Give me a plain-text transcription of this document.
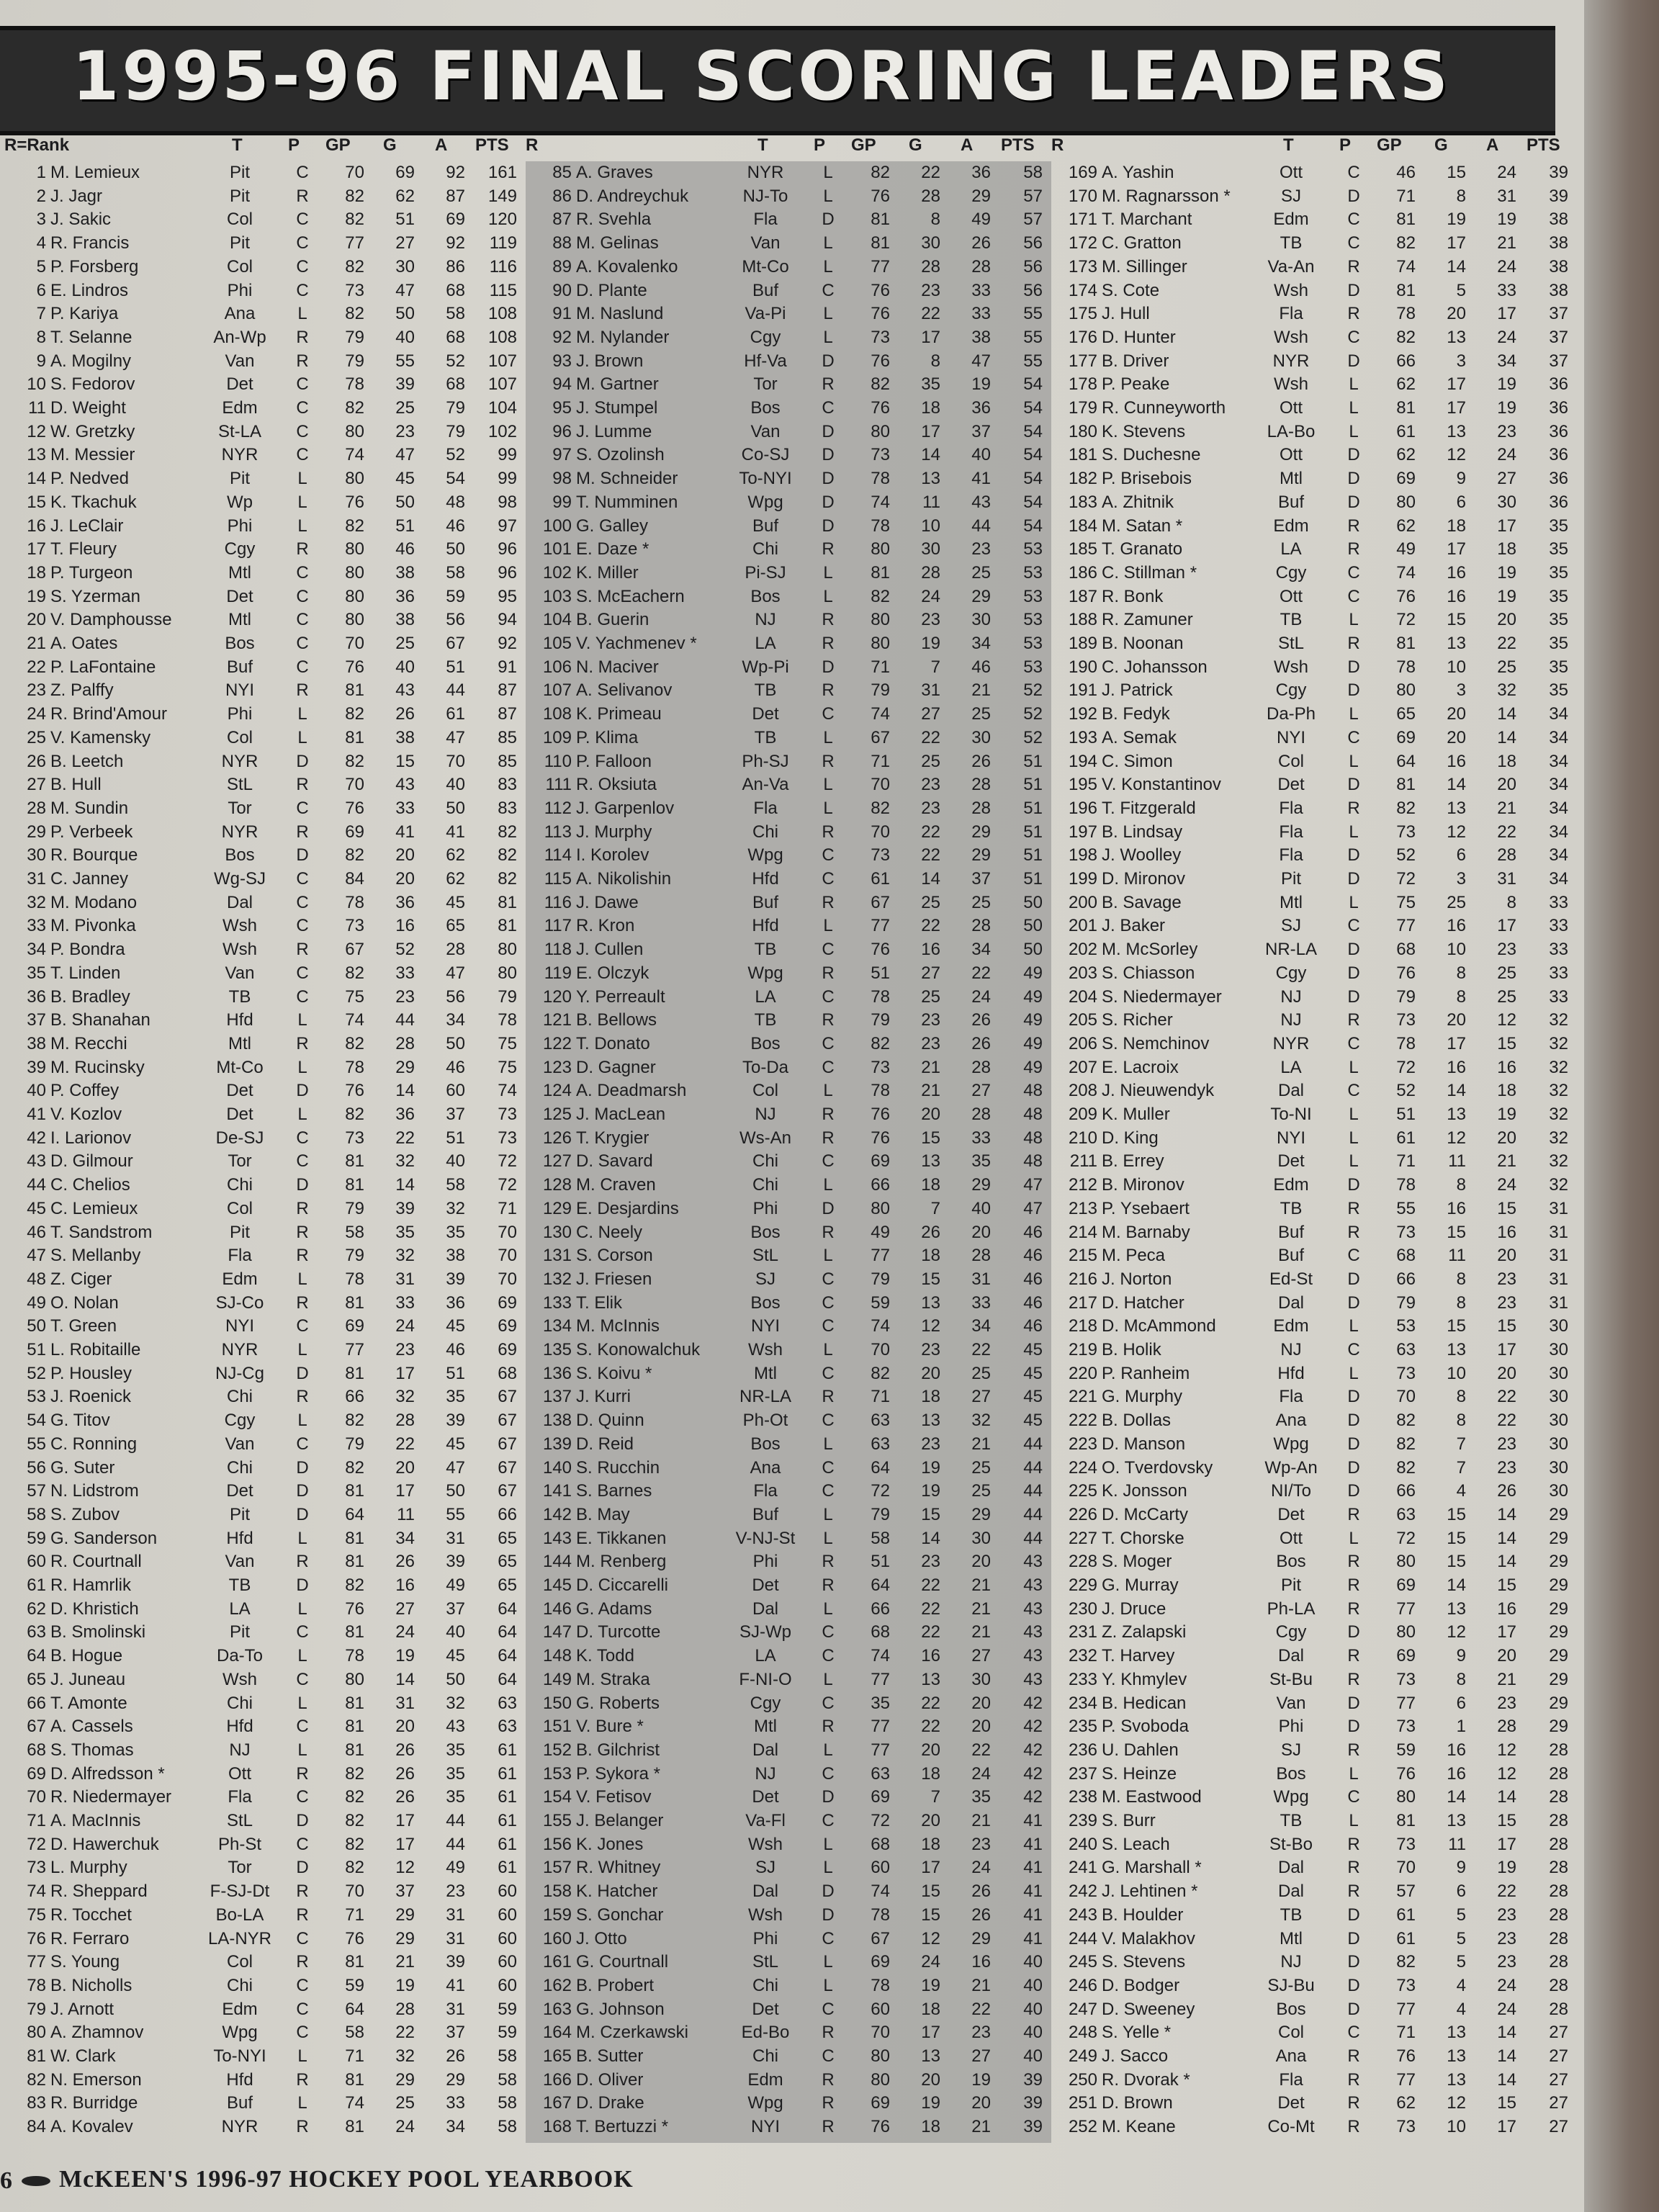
1995-96 FINAL SCORING LEADERS
R=Rank	T	P GP G A PTS R	T	P GP G A PTS R	T	P GP G A PTS
1 M. Lemieux	Pit	C	70	69	92	161
2 J. Jagr	Pit	R	82	62	87	149
3 J. Sakic	Col	C	82	51	69	120
4 R. Francis	Pit	C	77	27	92	119
5 P. Forsberg	Col	C	82	30	86	116
6 E. Lindros	Phi	C	73	47	68	115
7 P. Kariya	Ana	L	82	50	58	108
8 T. Selanne	An-Wp	R	79	40	68	108
9 A. Mogilny	Van	R	79	55	52	107
10 S. Fedorov	Det	C	78	39	68	107
11 D. Weight	Edm	C	82	25	79	104
12 W. Gretzky	St-LA	C	80	23	79	102
13 M. Messier	NYR	C	74	47	52	99
14 P. Nedved	Pit	L	80	45	54	99
15 K. Tkachuk	Wp	L	76	50	48	98
16 J. LeClair	Phi	L	82	51	46	97
17 T. Fleury	Cgy	R	80	46	50	96
18 P. Turgeon	Mtl	C	80	38	58	96
19 S. Yzerman	Det	C	80	36	59	95
20 V. Damphousse	Mtl	C	80	38	56	94
21 A. Oates	Bos	C	70	25	67	92
22 P. LaFontaine	Buf	C	76	40	51	91
23 Z. Palffy	NYI	R	81	43	44	87
24 R. Brind'Amour	Phi	L	82	26	61	87
25 V. Kamensky	Col	L	81	38	47	85
26 B. Leetch	NYR	D	82	15	70	85
27 B. Hull	StL	R	70	43	40	83
28 M. Sundin	Tor	C	76	33	50	83
29 P. Verbeek	NYR	R	69	41	41	82
30 R. Bourque	Bos	D	82	20	62	82
31 C. Janney	Wg-SJ	C	84	20	62	82
32 M. Modano	Dal	C	78	36	45	81
33 M. Pivonka	Wsh	C	73	16	65	81
34 P. Bondra	Wsh	R	67	52	28	80
35 T. Linden	Van	C	82	33	47	80
36 B. Bradley	TB	C	75	23	56	79
37 B. Shanahan	Hfd	L	74	44	34	78
38 M. Recchi	Mtl	R	82	28	50	75
39 M. Rucinsky	Mt-Co	L	78	29	46	75
40 P. Coffey	Det	D	76	14	60	74
41 V. Kozlov	Det	L	82	36	37	73
42 I. Larionov	De-SJ	C	73	22	51	73
43 D. Gilmour	Tor	C	81	32	40	72
44 C. Chelios	Chi	D	81	14	58	72
45 C. Lemieux	Col	R	79	39	32	71
46 T. Sandstrom	Pit	R	58	35	35	70
47 S. Mellanby	Fla	R	79	32	38	70
48 Z. Ciger	Edm	L	78	31	39	70
49 O. Nolan	SJ-Co	R	81	33	36	69
50 T. Green	NYI	C	69	24	45	69
51 L. Robitaille	NYR	L	77	23	46	69
52 P. Housley	NJ-Cg	D	81	17	51	68
53 J. Roenick	Chi	R	66	32	35	67
54 G. Titov	Cgy	L	82	28	39	67
55 C. Ronning	Van	C	79	22	45	67
56 G. Suter	Chi	D	82	20	47	67
57 N. Lidstrom	Det	D	81	17	50	67
58 S. Zubov	Pit	D	64	11	55	66
59 G. Sanderson	Hfd	L	81	34	31	65
60 R. Courtnall	Van	R	81	26	39	65
61 R. Hamrlik	TB	D	82	16	49	65
62 D. Khristich	LA	L	76	27	37	64
63 B. Smolinski	Pit	C	81	24	40	64
64 B. Hogue	Da-To	L	78	19	45	64
65 J. Juneau	Wsh	C	80	14	50	64
66 T. Amonte	Chi	L	81	31	32	63
67 A. Cassels	Hfd	C	81	20	43	63
68 S. Thomas	NJ	L	81	26	35	61
69 D. Alfredsson *	Ott	R	82	26	35	61
70 R. Niedermayer	Fla	C	82	26	35	61
71 A. MacInnis	StL	D	82	17	44	61
72 D. Hawerchuk	Ph-St	C	82	17	44	61
73 L. Murphy	Tor	D	82	12	49	61
74 R. Sheppard	F-SJ-Dt	R	70	37	23	60
75 R. Tocchet	Bo-LA	R	71	29	31	60
76 R. Ferraro	LA-NYR	C	76	29	31	60
77 S. Young	Col	R	81	21	39	60
78 B. Nicholls	Chi	C	59	19	41	60
79 J. Arnott	Edm	C	64	28	31	59
80 A. Zhamnov	Wpg	C	58	22	37	59
81 W. Clark	To-NYI	L	71	32	26	58
82 N. Emerson	Hfd	R	81	29	29	58
83 R. Burridge	Buf	L	74	25	33	58
84 A. Kovalev	NYR	R	81	24	34	58
85 A. Graves	NYR	L	82	22	36	58
86 D. Andreychuk	NJ-To	L	76	28	29	57
87 R. Svehla	Fla	D	81	8	49	57
88 M. Gelinas	Van	L	81	30	26	56
89 A. Kovalenko	Mt-Co	L	77	28	28	56
90 D. Plante	Buf	C	76	23	33	56
91 M. Naslund	Va-Pi	L	76	22	33	55
92 M. Nylander	Cgy	L	73	17	38	55
93 J. Brown	Hf-Va	D	76	8	47	55
94 M. Gartner	Tor	R	82	35	19	54
95 J. Stumpel	Bos	C	76	18	36	54
96 J. Lumme	Van	D	80	17	37	54
97 S. Ozolinsh	Co-SJ	D	73	14	40	54
98 M. Schneider	To-NYI	D	78	13	41	54
99 T. Numminen	Wpg	D	74	11	43	54
100 G. Galley	Buf	D	78	10	44	54
101 E. Daze *	Chi	R	80	30	23	53
102 K. Miller	Pi-SJ	L	81	28	25	53
103 S. McEachern	Bos	L	82	24	29	53
104 B. Guerin	NJ	R	80	23	30	53
105 V. Yachmenev *	LA	R	80	19	34	53
106 N. Maciver	Wp-Pi	D	71	7	46	53
107 A. Selivanov	TB	R	79	31	21	52
108 K. Primeau	Det	C	74	27	25	52
109 P. Klima	TB	L	67	22	30	52
110 P. Falloon	Ph-SJ	R	71	25	26	51
111 R. Oksiuta	An-Va	L	70	23	28	51
112 J. Garpenlov	Fla	L	82	23	28	51
113 J. Murphy	Chi	R	70	22	29	51
114 I. Korolev	Wpg	C	73	22	29	51
115 A. Nikolishin	Hfd	C	61	14	37	51
116 J. Dawe	Buf	R	67	25	25	50
117 R. Kron	Hfd	L	77	22	28	50
118 J. Cullen	TB	C	76	16	34	50
119 E. Olczyk	Wpg	R	51	27	22	49
120 Y. Perreault	LA	C	78	25	24	49
121 B. Bellows	TB	R	79	23	26	49
122 T. Donato	Bos	C	82	23	26	49
123 D. Gagner	To-Da	C	73	21	28	49
124 A. Deadmarsh	Col	L	78	21	27	48
125 J. MacLean	NJ	R	76	20	28	48
126 T. Krygier	Ws-An	R	76	15	33	48
127 D. Savard	Chi	C	69	13	35	48
128 M. Craven	Chi	L	66	18	29	47
129 E. Desjardins	Phi	D	80	7	40	47
130 C. Neely	Bos	R	49	26	20	46
131 S. Corson	StL	L	77	18	28	46
132 J. Friesen	SJ	C	79	15	31	46
133 T. Elik	Bos	C	59	13	33	46
134 M. McInnis	NYI	C	74	12	34	46
135 S. Konowalchuk	Wsh	L	70	23	22	45
136 S. Koivu *	Mtl	C	82	20	25	45
137 J. Kurri	NR-LA	R	71	18	27	45
138 D. Quinn	Ph-Ot	C	63	13	32	45
139 D. Reid	Bos	L	63	23	21	44
140 S. Rucchin	Ana	C	64	19	25	44
141 S. Barnes	Fla	C	72	19	25	44
142 B. May	Buf	L	79	15	29	44
143 E. Tikkanen	V-NJ-St	L	58	14	30	44
144 M. Renberg	Phi	R	51	23	20	43
145 D. Ciccarelli	Det	R	64	22	21	43
146 G. Adams	Dal	L	66	22	21	43
147 D. Turcotte	SJ-Wp	C	68	22	21	43
148 K. Todd	LA	C	74	16	27	43
149 M. Straka	F-NI-O	L	77	13	30	43
150 G. Roberts	Cgy	C	35	22	20	42
151 V. Bure *	Mtl	R	77	22	20	42
152 B. Gilchrist	Dal	L	77	20	22	42
153 P. Sykora *	NJ	C	63	18	24	42
154 V. Fetisov	Det	D	69	7	35	42
155 J. Belanger	Va-Fl	C	72	20	21	41
156 K. Jones	Wsh	L	68	18	23	41
157 R. Whitney	SJ	L	60	17	24	41
158 K. Hatcher	Dal	D	74	15	26	41
159 S. Gonchar	Wsh	D	78	15	26	41
160 J. Otto	Phi	C	67	12	29	41
161 G. Courtnall	StL	L	69	24	16	40
162 B. Probert	Chi	L	78	19	21	40
163 G. Johnson	Det	C	60	18	22	40
164 M. Czerkawski	Ed-Bo	R	70	17	23	40
165 B. Sutter	Chi	C	80	13	27	40
166 D. Oliver	Edm	R	80	20	19	39
167 D. Drake	Wpg	R	69	19	20	39
168 T. Bertuzzi *	NYI	R	76	18	21	39
169 A. Yashin	Ott	C	46	15	24	39
170 M. Ragnarsson *	SJ	D	71	8	31	39
171 T. Marchant	Edm	C	81	19	19	38
172 C. Gratton	TB	C	82	17	21	38
173 M. Sillinger	Va-An	R	74	14	24	38
174 S. Cote	Wsh	D	81	5	33	38
175 J. Hull	Fla	R	78	20	17	37
176 D. Hunter	Wsh	C	82	13	24	37
177 B. Driver	NYR	D	66	3	34	37
178 P. Peake	Wsh	L	62	17	19	36
179 R. Cunneyworth	Ott	L	81	17	19	36
180 K. Stevens	LA-Bo	L	61	13	23	36
181 S. Duchesne	Ott	D	62	12	24	36
182 P. Brisebois	Mtl	D	69	9	27	36
183 A. Zhitnik	Buf	D	80	6	30	36
184 M. Satan *	Edm	R	62	18	17	35
185 T. Granato	LA	R	49	17	18	35
186 C. Stillman *	Cgy	C	74	16	19	35
187 R. Bonk	Ott	C	76	16	19	35
188 R. Zamuner	TB	L	72	15	20	35
189 B. Noonan	StL	R	81	13	22	35
190 C. Johansson	Wsh	D	78	10	25	35
191 J. Patrick	Cgy	D	80	3	32	35
192 B. Fedyk	Da-Ph	L	65	20	14	34
193 A. Semak	NYI	C	69	20	14	34
194 C. Simon	Col	L	64	16	18	34
195 V. Konstantinov	Det	D	81	14	20	34
196 T. Fitzgerald	Fla	R	82	13	21	34
197 B. Lindsay	Fla	L	73	12	22	34
198 J. Woolley	Fla	D	52	6	28	34
199 D. Mironov	Pit	D	72	3	31	34
200 B. Savage	Mtl	L	75	25	8	33
201 J. Baker	SJ	C	77	16	17	33
202 M. McSorley	NR-LA	D	68	10	23	33
203 S. Chiasson	Cgy	D	76	8	25	33
204 S. Niedermayer	NJ	D	79	8	25	33
205 S. Richer	NJ	R	73	20	12	32
206 S. Nemchinov	NYR	C	78	17	15	32
207 E. Lacroix	LA	L	72	16	16	32
208 J. Nieuwendyk	Dal	C	52	14	18	32
209 K. Muller	To-NI	L	51	13	19	32
210 D. King	NYI	L	61	12	20	32
211 B. Errey	Det	L	71	11	21	32
212 B. Mironov	Edm	D	78	8	24	32
213 P. Ysebaert	TB	R	55	16	15	31
214 M. Barnaby	Buf	R	73	15	16	31
215 M. Peca	Buf	C	68	11	20	31
216 J. Norton	Ed-St	D	66	8	23	31
217 D. Hatcher	Dal	D	79	8	23	31
218 D. McAmmond	Edm	L	53	15	15	30
219 B. Holik	NJ	C	63	13	17	30
220 P. Ranheim	Hfd	L	73	10	20	30
221 G. Murphy	Fla	D	70	8	22	30
222 B. Dollas	Ana	D	82	8	22	30
223 D. Manson	Wpg	D	82	7	23	30
224 O. Tverdovsky	Wp-An	D	82	7	23	30
225 K. Jonsson	NI/To	D	66	4	26	30
226 D. McCarty	Det	R	63	15	14	29
227 T. Chorske	Ott	L	72	15	14	29
228 S. Moger	Bos	R	80	15	14	29
229 G. Murray	Pit	R	69	14	15	29
230 J. Druce	Ph-LA	R	77	13	16	29
231 Z. Zalapski	Cgy	D	80	12	17	29
232 T. Harvey	Dal	R	69	9	20	29
233 Y. Khmylev	St-Bu	R	73	8	21	29
234 B. Hedican	Van	D	77	6	23	29
235 P. Svoboda	Phi	D	73	1	28	29
236 U. Dahlen	SJ	R	59	16	12	28
237 S. Heinze	Bos	L	76	16	12	28
238 M. Eastwood	Wpg	C	80	14	14	28
239 S. Burr	TB	L	81	13	15	28
240 S. Leach	St-Bo	R	73	11	17	28
241 G. Marshall *	Dal	R	70	9	19	28
242 J. Lehtinen *	Dal	R	57	6	22	28
243 B. Houlder	TB	D	61	5	23	28
244 V. Malakhov	Mtl	D	61	5	23	28
245 S. Stevens	NJ	D	82	5	23	28
246 D. Bodger	SJ-Bu	D	73	4	24	28
247 D. Sweeney	Bos	D	77	4	24	28
248 S. Yelle *	Col	C	71	13	14	27
249 J. Sacco	Ana	R	76	13	14	27
250 R. Dvorak *	Fla	R	77	13	14	27
251 D. Brown	Det	R	62	12	15	27
252 M. Keane	Co-Mt	R	73	10	17	27
6 McKEEN'S 1996-97 HOCKEY POOL YEARBOOK
